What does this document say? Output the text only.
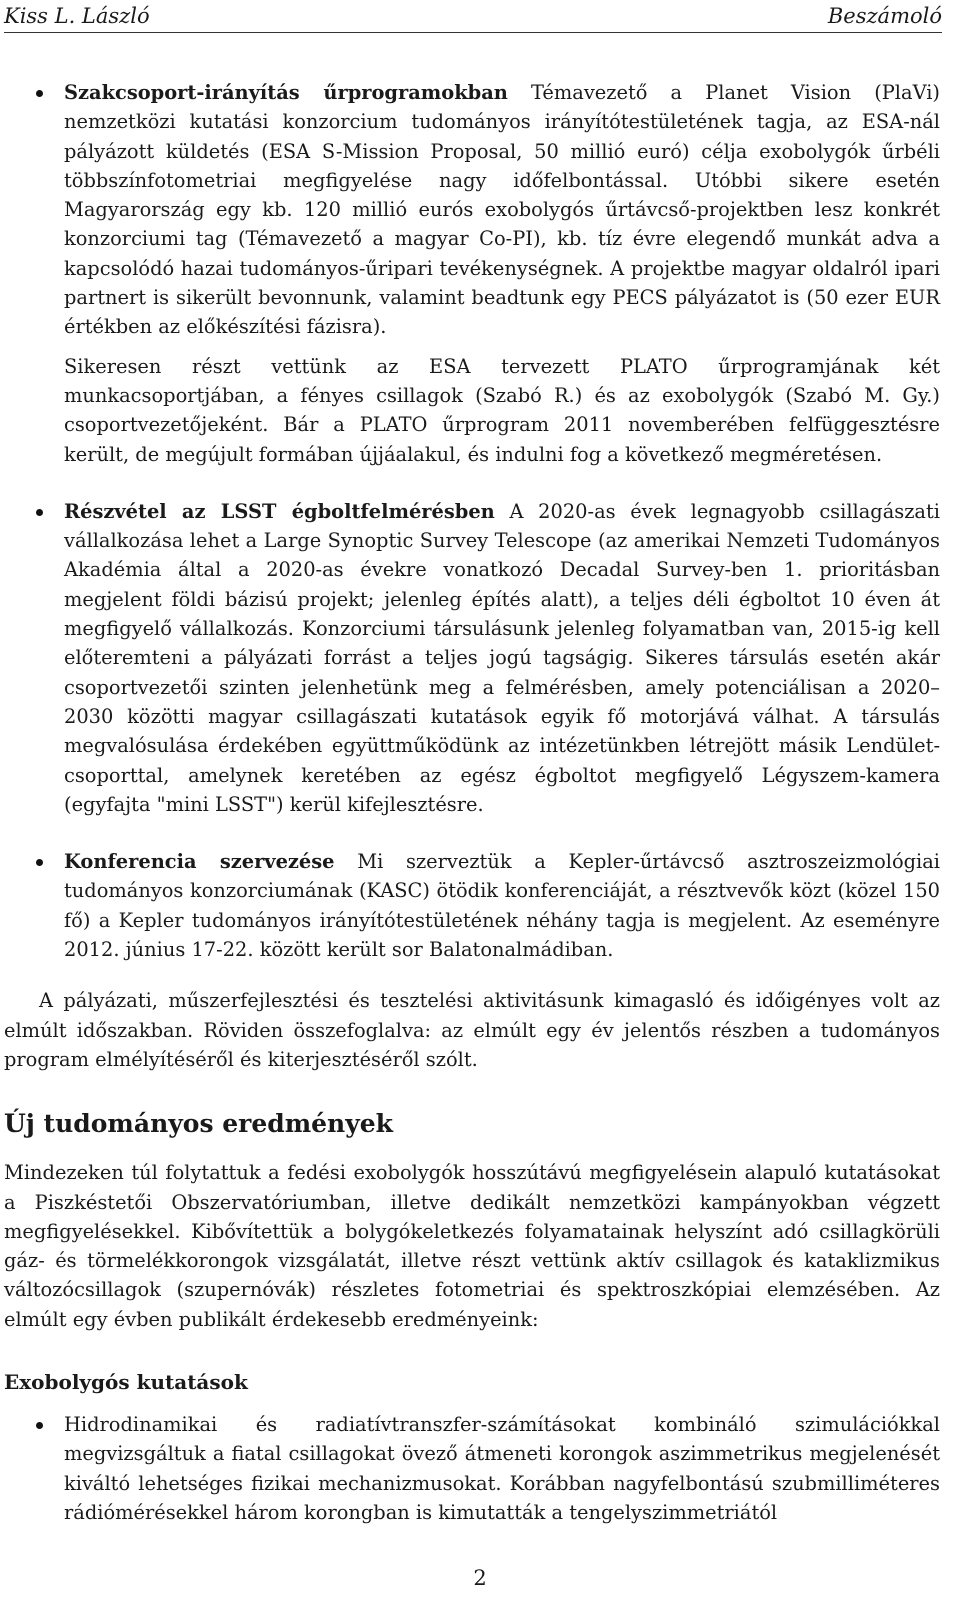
Kiss L. László	Beszámoló

Szakcsoport-irányítás űrprogramokban Témavezető a Planet Vision (PlaVi) nemzetközi kutatási konzorcium tudományos irányítótestületének tagja, az ESA-nál pályázott küldetés (ESA S-Mission Proposal, 50 millió euró) célja exobolygók űrbéli többszínfotometriai megfigyelése nagy időfelbontással. Utóbbi sikere esetén Magyarország egy kb. 120 millió eurós exobolygós űrtávcső-projektben lesz konkrét konzorciumi tag (Témavezető a magyar Co-PI), kb. tíz évre elegendő munkát adva a kapcsolódó hazai tudományos-űripari tevékenységnek. A projektbe magyar oldalról ipari partnert is sikerült bevonnunk, valamint beadtunk egy PECS pályázatot is (50 ezer EUR értékben az előkészítési fázisra).

Sikeresen részt vettünk az ESA tervezett PLATO űrprogramjának két munkacsoportjában, a fényes csillagok (Szabó R.) és az exobolygók (Szabó M. Gy.) csoportvezetőjeként. Bár a PLATO űrprogram 2011 novemberében felfüggesztésre került, de megújult formában újjáalakul, és indulni fog a következő megméretésen.

Részvétel az LSST égboltfelmérésben A 2020-as évek legnagyobb csillagászati vállalkozása lehet a Large Synoptic Survey Telescope (az amerikai Nemzeti Tudományos Akadémia által a 2020-as évekre vonatkozó Decadal Survey-ben 1. prioritásban megjelent földi bázisú projekt; jelenleg építés alatt), a teljes déli égboltot 10 éven át megfigyelő vállalkozás. Konzorciumi társulásunk jelenleg folyamatban van, 2015-ig kell előteremteni a pályázati forrást a teljes jogú tagságig. Sikeres társulás esetén akár csoportvezetői szinten jelenhetünk meg a felmérésben, amely potenciálisan a 2020–2030 közötti magyar csillagászati kutatások egyik fő motorjává válhat. A társulás megvalósulása érdekében együttműködünk az intézetünkben létrejött másik Lendület-csoporttal, amelynek keretében az egész égboltot megfigyelő Légyszem-kamera (egyfajta "mini LSST") kerül kifejlesztésre.

Konferencia szervezése Mi szerveztük a Kepler-űrtávcső asztroszeizmológiai tudományos konzorciumának (KASC) ötödik konferenciáját, a résztvevők közt (közel 150 fő) a Kepler tudományos irányítótestületének néhány tagja is megjelent. Az eseményre 2012. június 17-22. között került sor Balatonalmádiban.

A pályázati, műszerfejlesztési és tesztelési aktivitásunk kimagasló és időigényes volt az elmúlt időszakban. Röviden összefoglalva: az elmúlt egy év jelentős részben a tudományos program elmélyítéséről és kiterjesztéséről szólt.

Új tudományos eredmények

Mindezeken túl folytattuk a fedési exobolygók hosszútávú megfigyelésein alapuló kutatásokat a Piszkéstetői Obszervatóriumban, illetve dedikált nemzetközi kampányokban végzett megfigyelésekkel. Kibővítettük a bolygókeletkezés folyamatainak helyszínt adó csillagkörüli gáz- és törmelékkorongok vizsgálatát, illetve részt vettünk aktív csillagok és kataklizmikus változócsillagok (szupernóvák) részletes fotometriai és spektroszkópiai elemzésében. Az elmúlt egy évben publikált érdekesebb eredményeink:

Exobolygós kutatások

Hidrodinamikai és radiatívtranszfer-számításokat kombináló szimulációkkal megvizsgáltuk a fiatal csillagokat övező átmeneti korongok aszimmetrikus megjelenését kiváltó lehetséges fizikai mechanizmusokat. Korábban nagyfelbontású szubmilliméteres rádiómérésekkel három korongban is kimutatták a tengelyszimmetriától

2
